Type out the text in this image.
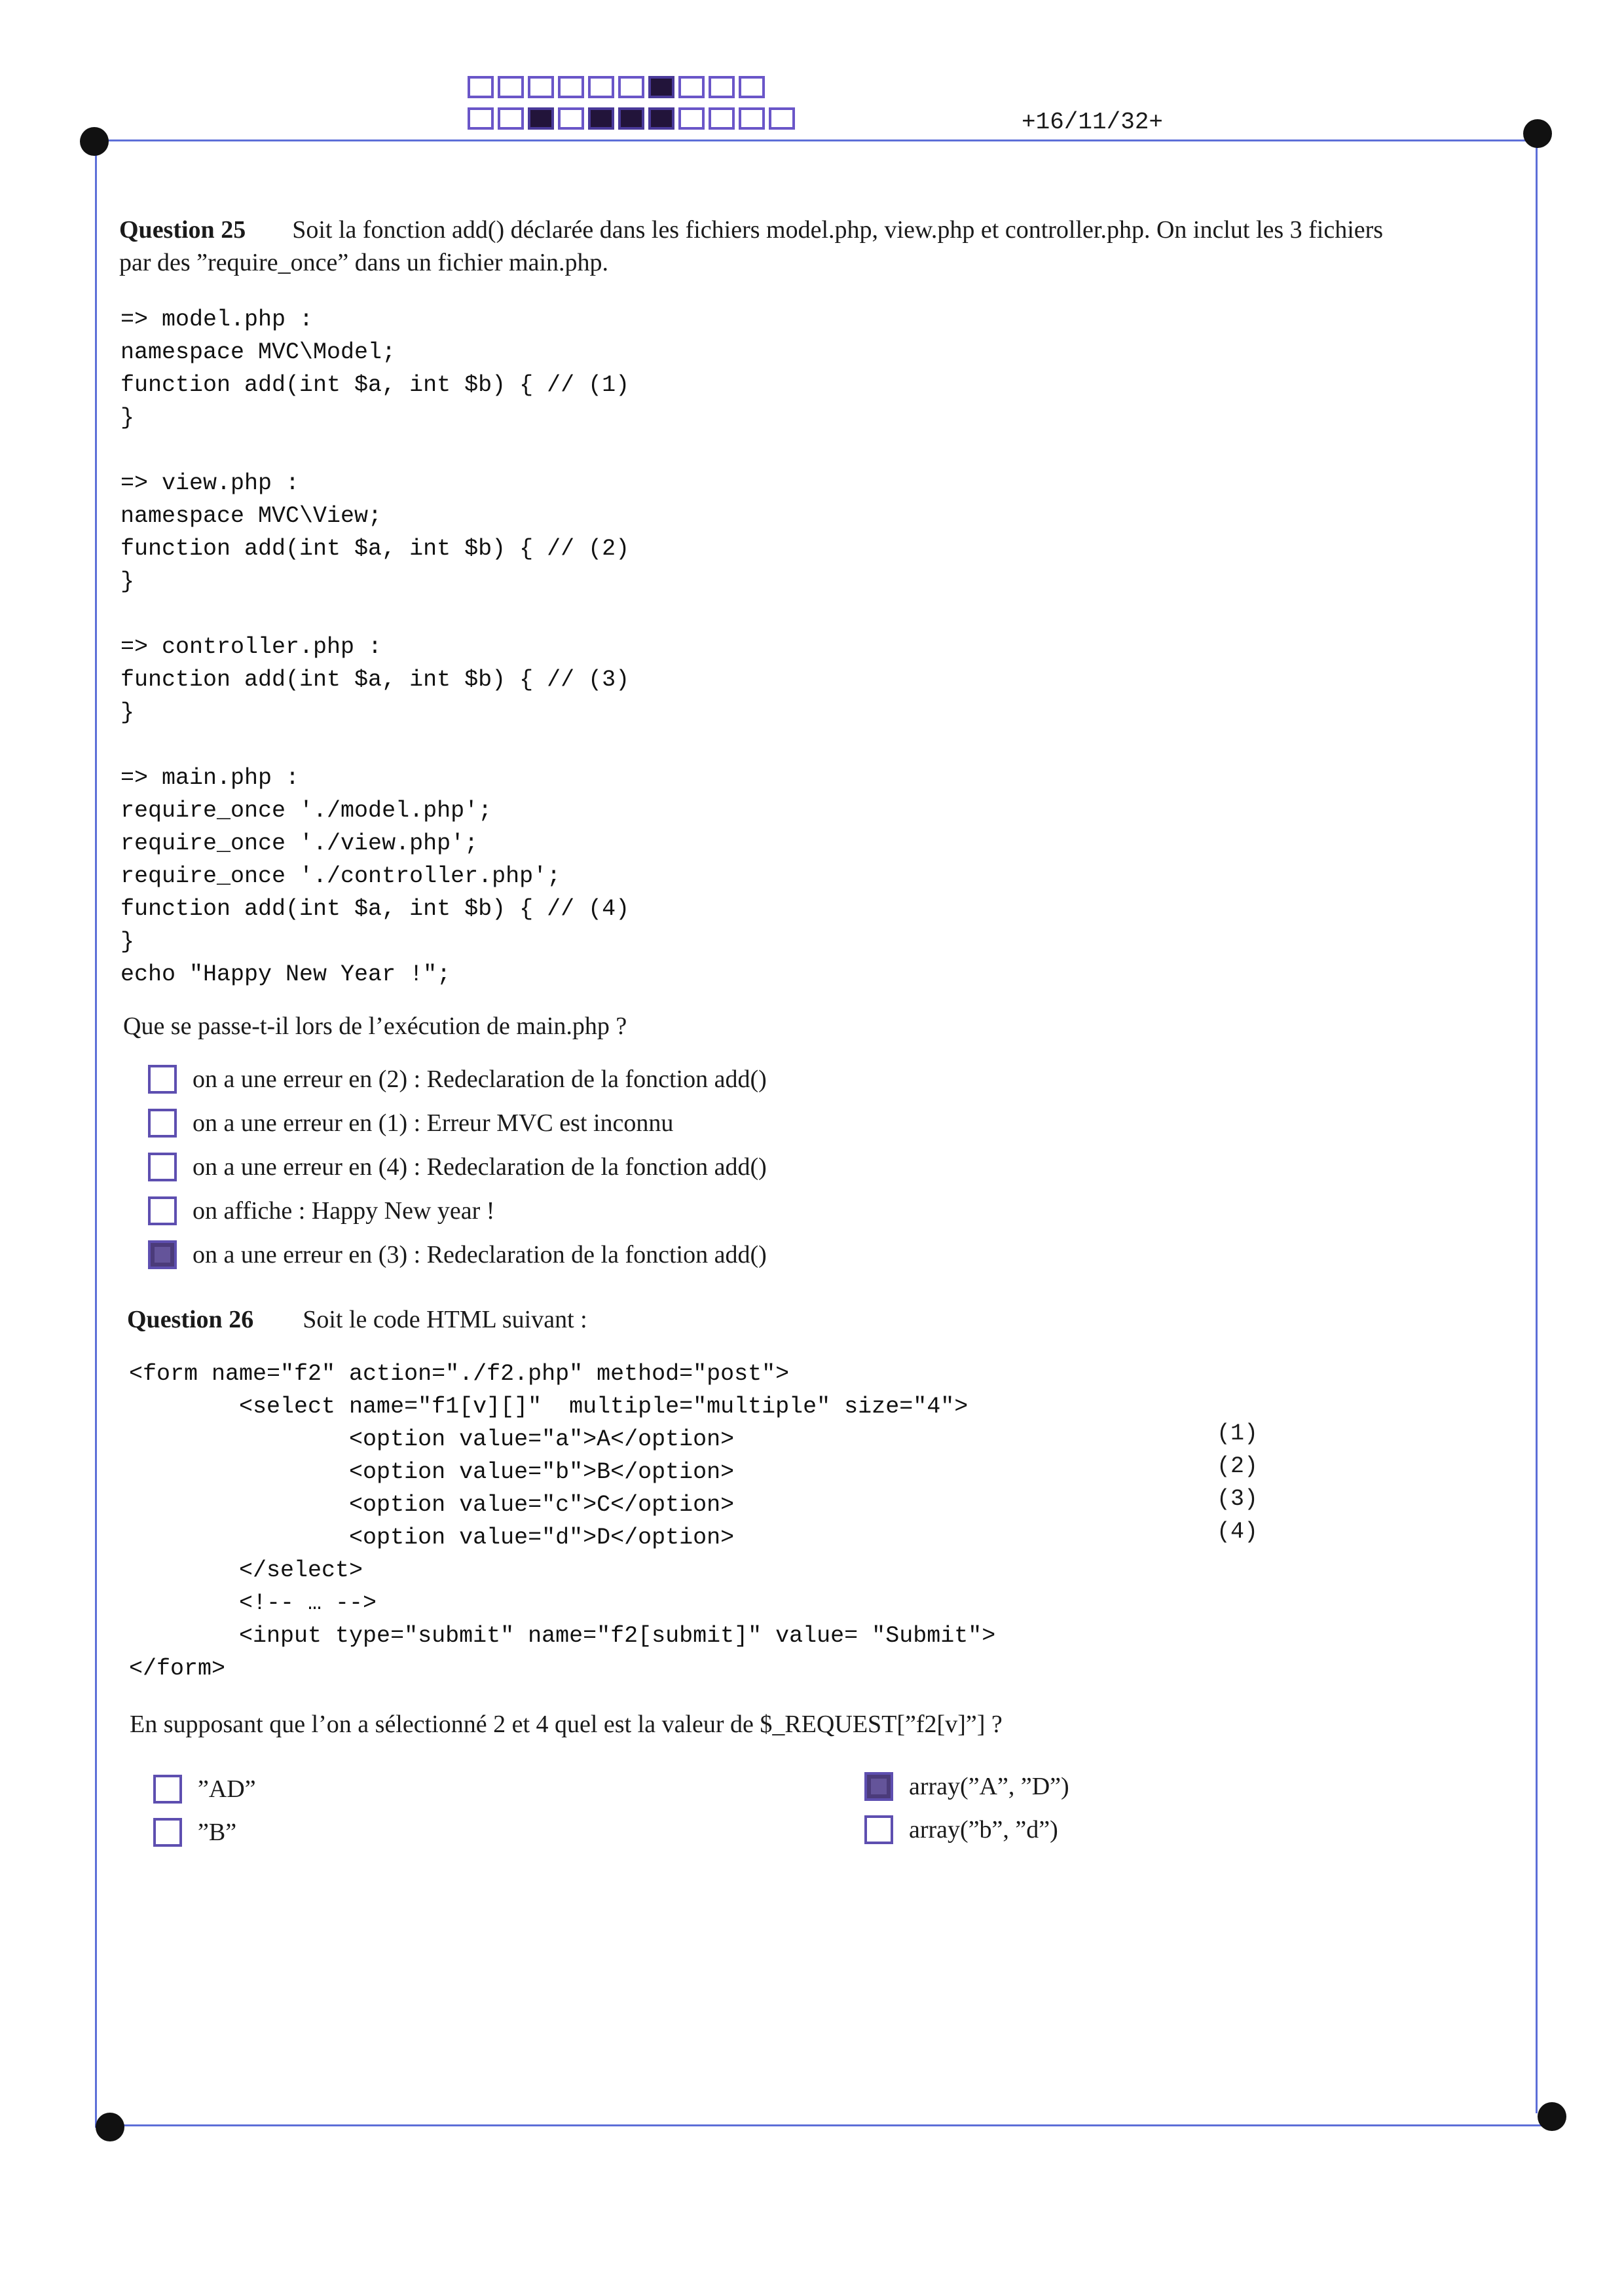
+16/11/32+
Question 25 Soit la fonction add() déclarée dans les fichiers model.php, view.php et controller.php. On inclut les 3 fichiers
par des ”require_once” dans un fichier main.php.
=> model.php :
namespace MVC\Model;
function add(int $a, int $b) { // (1)
}

=> view.php :
namespace MVC\View;
function add(int $a, int $b) { // (2)
}

=> controller.php :
function add(int $a, int $b) { // (3)
}

=> main.php :
require_once './model.php';
require_once './view.php';
require_once './controller.php';
function add(int $a, int $b) { // (4)
}
echo "Happy New Year !";
Que se passe-t-il lors de l’exécution de main.php ?
on a une erreur en (2) : Redeclaration de la fonction add()
on a une erreur en (1) : Erreur MVC est inconnu
on a une erreur en (4) : Redeclaration de la fonction add()
on affiche : Happy New year !
on a une erreur en (3) : Redeclaration de la fonction add()
Question 26 Soit le code HTML suivant :
<form name="f2" action="./f2.php" method="post">
<select name="f1[v][]"  multiple="multiple" size="4">
<option value="a">A</option>
<option value="b">B</option>
<option value="c">C</option>
<option value="d">D</option>
</select>
<!-- … -->
<input type="submit" name="f2[submit]" value= "Submit">
</form>
(1)
(2)
(3)
(4)
En supposant que l’on a sélectionné 2 et 4 quel est la valeur de $_REQUEST[”f2[v]”] ?
”AD”
”B”
array(”A”, ”D”)
array(”b”, ”d”)
